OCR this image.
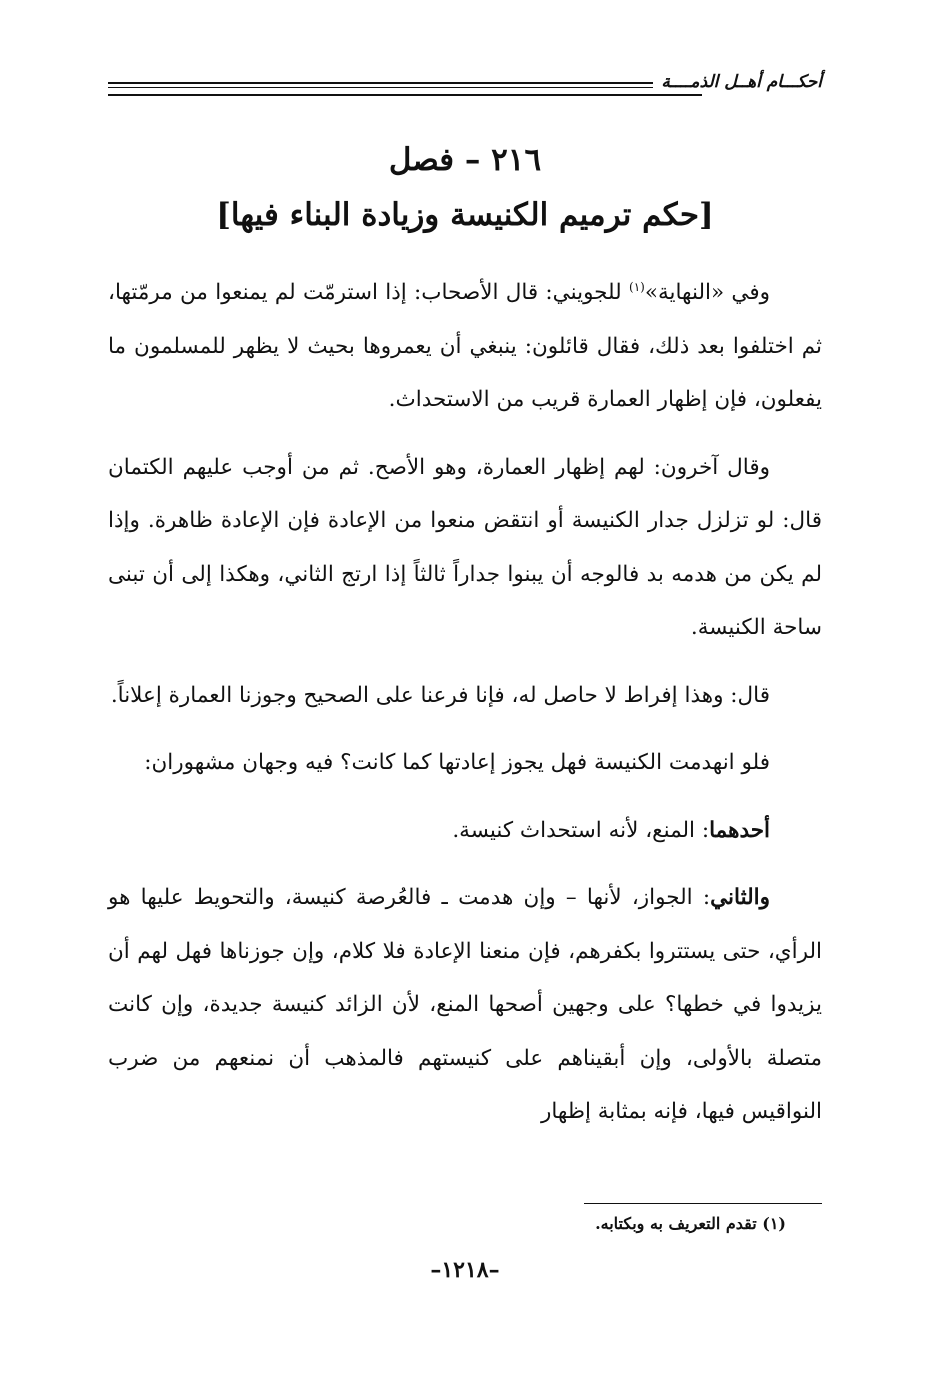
أحكـــام أهــل الذمــــة
٢١٦ – فصل
[حكم ترميم الكنيسة وزيادة البناء فيها]

وفي «النهاية»$^{(١)}$ للجويني: قال الأصحاب: إذا استرمّت لم يمنعوا من مرمّتها، ثم اختلفوا بعد ذلك، فقال قائلون: ينبغي أن يعمروها بحيث لا يظهر للمسلمون ما يفعلون، فإن إظهار العمارة قريب من الاستحداث.

وقال آخرون: لهم إظهار العمارة، وهو الأصح. ثم من أوجب عليهم الكتمان قال: لو تزلزل جدار الكنيسة أو انتقض منعوا من الإعادة فإن الإعادة ظاهرة. وإذا لم يكن من هدمه بد فالوجه أن يبنوا جداراً ثالثاً إذا ارتج الثاني، وهكذا إلى أن تبنى ساحة الكنيسة.

قال: وهذا إفراط لا حاصل له، فإنا فرعنا على الصحيح وجوزنا العمارة إعلاناً.

فلو انهدمت الكنيسة فهل يجوز إعادتها كما كانت؟ فيه وجهان مشهوران:

أحدهما: المنع، لأنه استحداث كنيسة.

والثاني: الجواز، لأنها – وإن هدمت ـ فالعُرصة كنيسة، والتحويط عليها هو الرأي، حتى يستتروا بكفرهم، فإن منعنا الإعادة فلا كلام، وإن جوزناها فهل لهم أن يزيدوا في خطها؟ على وجهين أصحها المنع، لأن الزائد كنيسة جديدة، وإن كانت متصلة بالأولى، وإن أبقيناهم على كنيستهم فالمذهب أن نمنعهم من ضرب النواقيس فيها، فإنه بمثابة إظهار

(١) تقدم التعريف به وبكتابه.
–١٢١٨–
